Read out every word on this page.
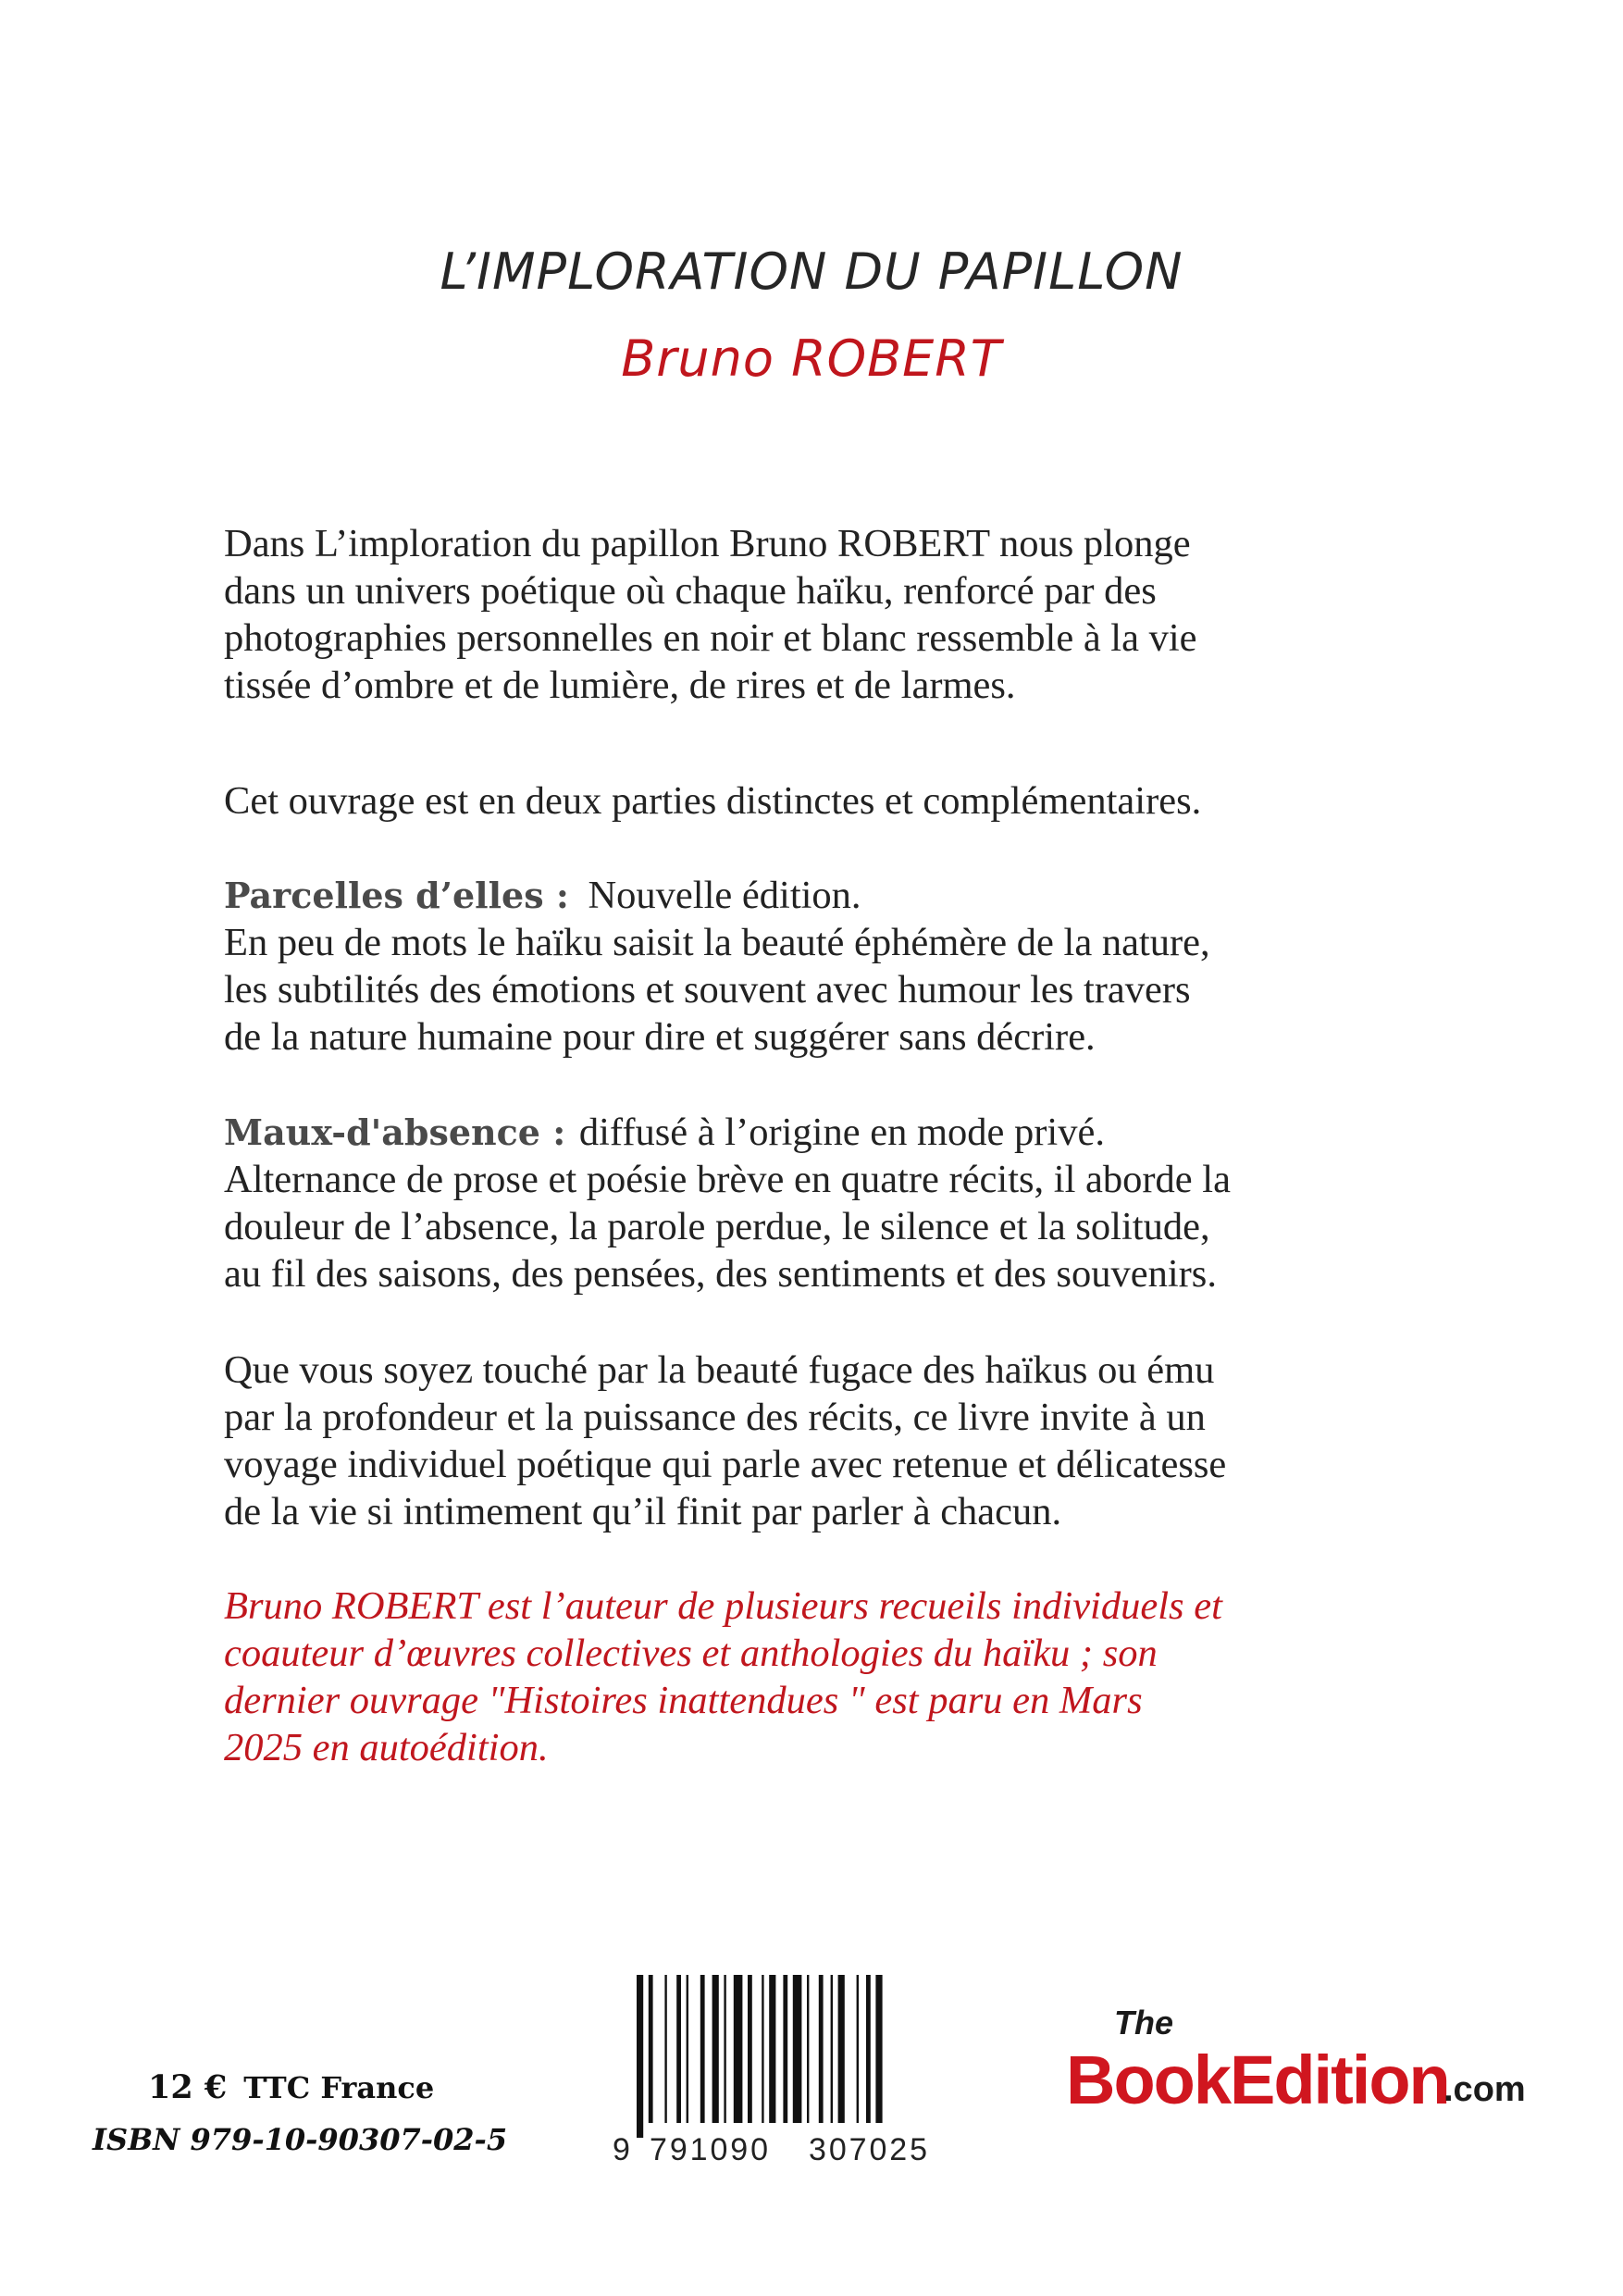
L’IMPLORATION DU PAPILLON
Bruno ROBERT
Dans L’imploration du papillon Bruno ROBERT nous plonge
dans un univers poétique où chaque haïku, renforcé par des
photographies personnelles en noir et blanc ressemble à la vie
tissée d’ombre et de lumière, de rires et de larmes.
Cet ouvrage est en deux parties distinctes et complémentaires.
Parcelles d’elles : Nouvelle édition.
En peu de mots le haïku saisit la beauté éphémère de la nature,
les subtilités des émotions et souvent avec humour les travers
de la nature humaine pour dire et suggérer sans décrire.
Maux-d'absence : diffusé à l’origine en mode privé.
Alternance de prose et poésie brève en quatre récits, il aborde la
douleur de l’absence, la parole perdue, le silence et la solitude,
au fil des saisons, des pensées, des sentiments et des souvenirs.
Que vous soyez touché par la beauté fugace des haïkus ou ému
par la profondeur et la puissance des récits, ce livre invite à un
voyage individuel poétique qui parle avec retenue et délicatesse
de la vie si intimement qu’il finit par parler à chacun.
Bruno ROBERT est l’auteur de plusieurs recueils individuels et
coauteur d’œuvres collectives et anthologies du haïku ; son
dernier ouvrage "Histoires inattendues " est paru en Mars
2025 en autoédition.
12 € TTC France
ISBN 979-10-90307-02-5	9 791090 307025
The
BookEdition
.com
